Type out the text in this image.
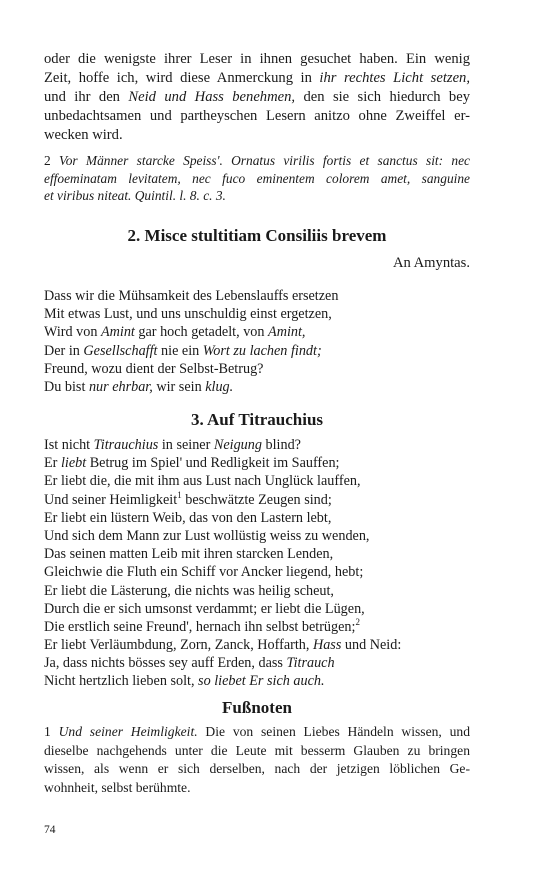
oder die wenigste ihrer Leser in ihnen gesuchet haben. Ein wenig
Zeit, hoffe ich, wird diese Anmerckung in ihr rechtes Licht setzen,
und ihr den Neid und Hass benehmen, den sie sich hiedurch bey
unbedachtsamen und partheyschen Lesern anitzo ohne Zweiffel er-
wecken wird.
2 Vor Männer starcke Speiss'. Ornatus virilis fortis et sanctus sit: nec
effoeminatam levitatem, nec fuco eminentem colorem amet, sanguine
et viribus niteat. Quintil. l. 8. c. 3.
2. Misce stultitiam Consiliis brevem
An Amyntas.
Dass wir die Mühsamkeit des Lebenslauffs ersetzen
Mit etwas Lust, und uns unschuldig einst ergetzen,
Wird von Amint gar hoch getadelt, von Amint,
Der in Gesellschafft nie ein Wort zu lachen findt;
Freund, wozu dient der Selbst-Betrug?
Du bist nur ehrbar, wir sein klug.
3. Auf Titrauchius
Ist nicht Titrauchius in seiner Neigung blind?
Er liebt Betrug im Spiel' und Redligkeit im Sauffen;
Er liebt die, die mit ihm aus Lust nach Unglück lauffen,
Und seiner Heimligkeit$^1$ beschwätzte Zeugen sind;
Er liebt ein lüstern Weib, das von den Lastern lebt,
Und sich dem Mann zur Lust wollüstig weiss zu wenden,
Das seinen matten Leib mit ihren starcken Lenden,
Gleichwie die Fluth ein Schiff vor Ancker liegend, hebt;
Er liebt die Lästerung, die nichts was heilig scheut,
Durch die er sich umsonst verdammt; er liebt die Lügen,
Die erstlich seine Freund', hernach ihn selbst betrügen;$^2$
Er liebt Verläumbdung, Zorn, Zanck, Hoffarth, Hass und Neid:
Ja, dass nichts bösses sey auff Erden, dass Titrauch
Nicht hertzlich lieben solt, so liebet Er sich auch.
Fußnoten
1 Und seiner Heimligkeit. Die von seinen Liebes Händeln wissen, und
dieselbe nachgehends unter die Leute mit besserm Glauben zu bringen
wissen, als wenn er sich derselben, nach der jetzigen löblichen Ge-
wohnheit, selbst berühmte.
74
